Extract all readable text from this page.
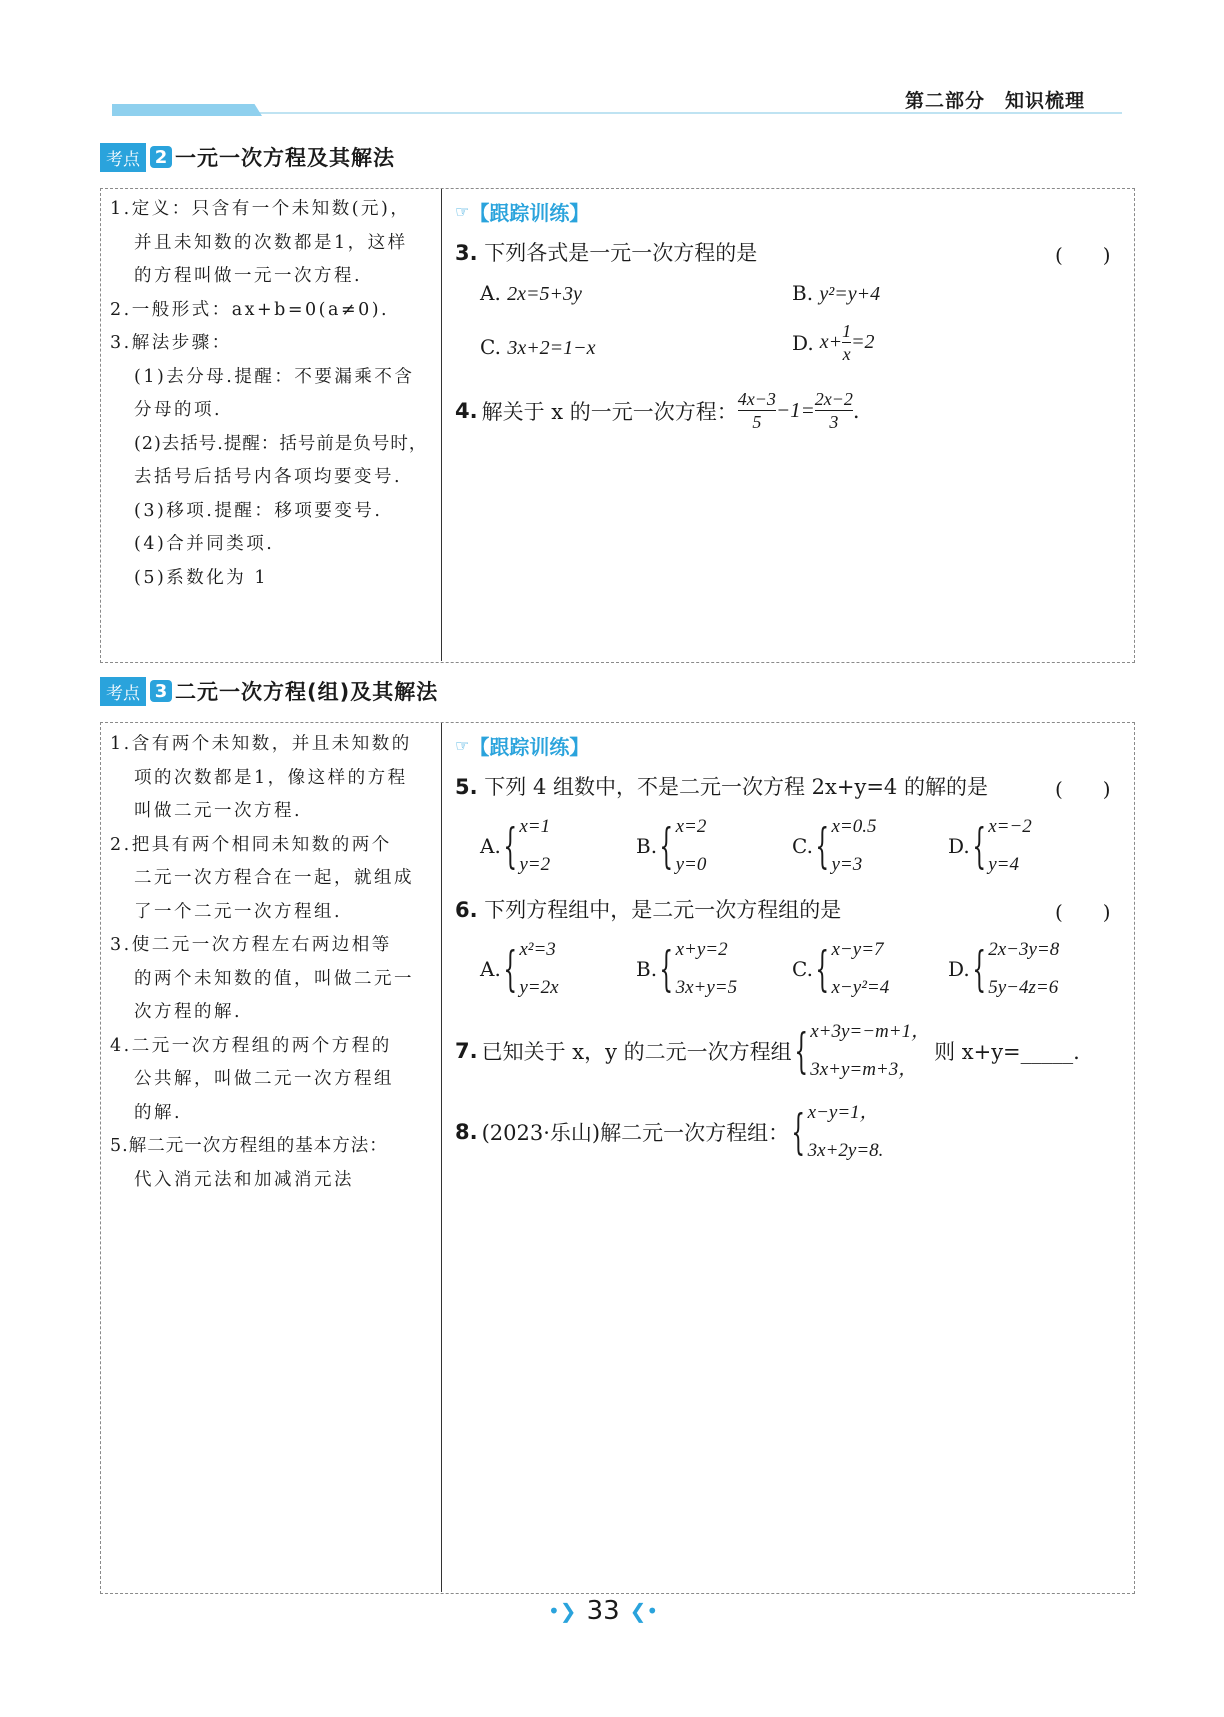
第二部分　知识梳理
考点 2 一元一次方程及其解法
1.定义：只含有一个未知数(元)，
并且未知数的次数都是1，这样
的方程叫做一元一次方程.
2.一般形式：ax+b=0(a≠0).
3.解法步骤：
(1)去分母.提醒：不要漏乘不含
分母的项.
(2)去括号.提醒：括号前是负号时，
去括号后括号内各项均要变号.
(3)移项.提醒：移项要变号.
(4)合并同类项.
(5)系数化为 1
☞ 【跟踪训练】
3. 下列各式是一元一次方程的是	(　　)
A. 2x=5+3y	B. y²=y+4
C. 3x+2=1−x	D. $x+ \frac{1}{x} =2$
4. 解关于 x 的一元一次方程： $\frac{4x-3}{5} -1= \frac{2x-2}{3}$ .
考点 3 二元一次方程(组)及其解法
1.含有两个未知数，并且未知数的
项的次数都是1，像这样的方程
叫做二元一次方程.
2.把具有两个相同未知数的两个
二元一次方程合在一起，就组成
了一个二元一次方程组.
3.使二元一次方程左右两边相等
的两个未知数的值，叫做二元一
次方程的解.
4.二元一次方程组的两个方程的
公共解，叫做二元一次方程组
的解.
5.解二元一次方程组的基本方法：
代入消元法和加减消元法
☞ 【跟踪训练】
5. 下列 4 组数中，不是二元一次方程 2x+y=4 的解的是	(　　)
A. { x=1
y=2
B. { x=2
y=0
C. { x=0.5
y=3
D. { x=−2
y=4
6. 下列方程组中，是二元一次方程组的是	(　　)
A. { x²=3
y=2x
B. { x+y=2
3x+y=5
C. { x−y=7
x−y²=4
D. { 2x−3y=8
5y−4z=6
7. 已知关于 x，y 的二元一次方程组 { x+3y=−m+1，
3x+y=m+3，
则 x+y=_____.
8. (2023·乐山)解二元一次方程组： { x−y=1，
3x+2y=8.
•❯ 33 ❮•
